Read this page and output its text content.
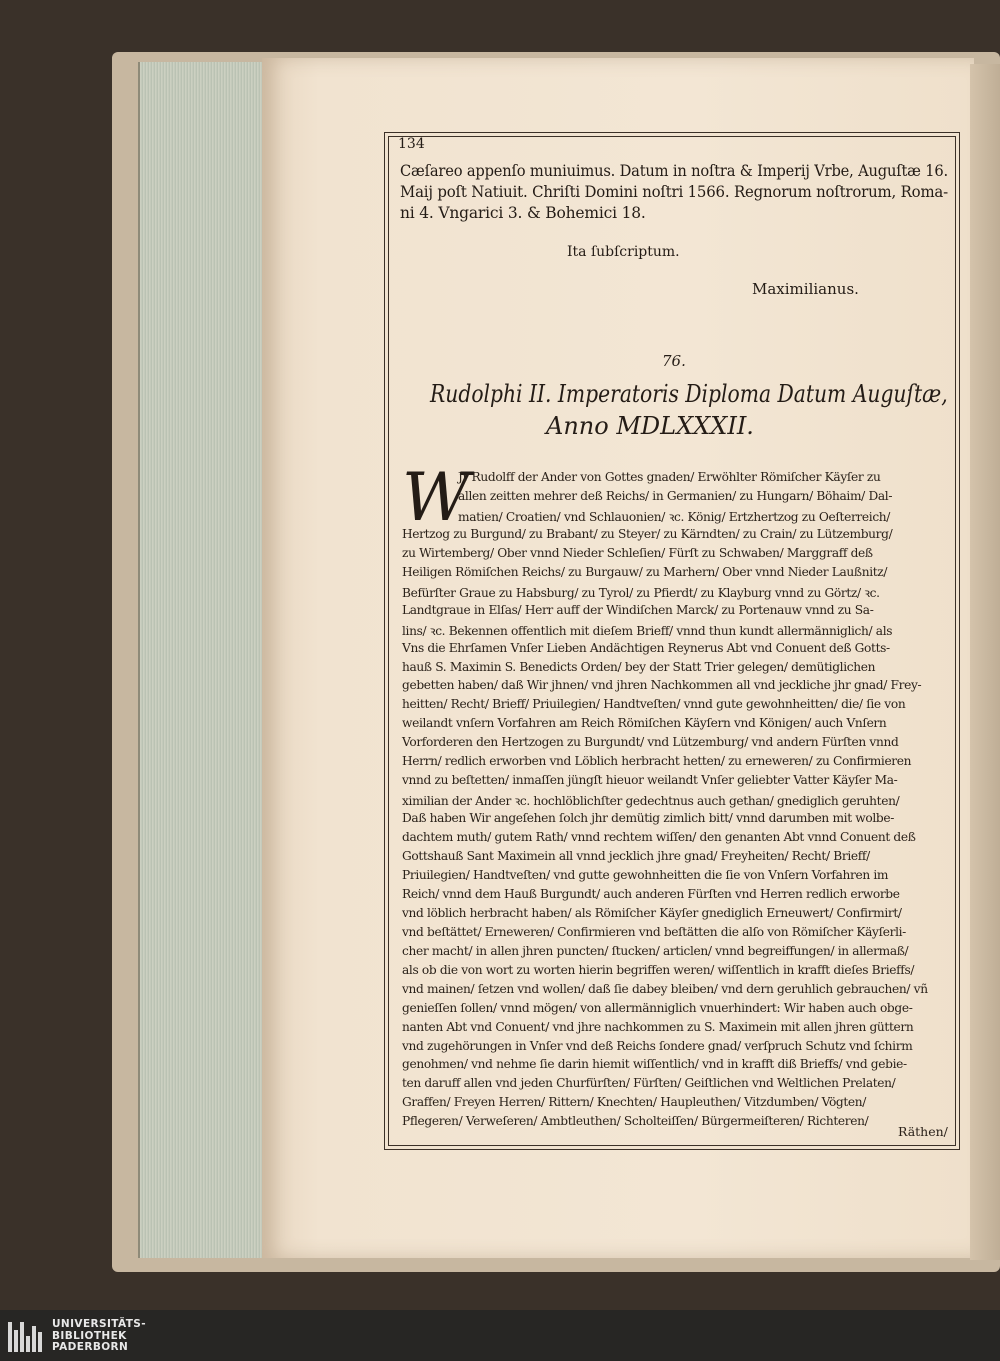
134
Cæſareo appenſo muniuimus. Datum in noſtra & Imperij Vrbe, Auguſtæ 16.
Maij poſt Natiuit. Chriſti Domini noſtri 1566. Regnorum noſtrorum, Roma-
ni 4. Vngarici 3. & Bohemici 18.
Ita ſubſcriptum.
Maximilianus.
76.
Rudolphi II. Imperatoris Diploma Datum Auguſtæ,
Anno MDLXXXII.
W
Jr Rudolff der Ander von Gottes gnaden/ Erwöhlter Römiſcher Käyſer zu
allen zeitten mehrer deß Reichs/ in Germanien/ zu Hungarn/ Böhaim/ Dal-
matien/ Croatien/ vnd Schlauonien/ ꝛc. König/ Ertzhertzog zu Oeſterreich/
Hertzog zu Burgund/ zu Brabant/ zu Steyer/ zu Kärndten/ zu Crain/ zu Lützemburg/
zu Wirtemberg/ Ober vnnd Nieder Schleſien/ Fürſt zu Schwaben/ Marggraff deß
Heiligen Römiſchen Reichs/ zu Burgauw/ zu Marhern/ Ober vnnd Nieder Laußnitz/
Befürſter Graue zu Habsburg/ zu Tyrol/ zu Pfierdt/ zu Klayburg vnnd zu Görtz/ ꝛc.
Landtgraue in Elſas/ Herr auff der Windiſchen Marck/ zu Portenauw vnnd zu Sa-
lins/ ꝛc. Bekennen offentlich mit dieſem Brieff/ vnnd thun kundt allermänniglich/ als
Vns die Ehrſamen Vnſer Lieben Andächtigen Reynerus Abt vnd Conuent deß Gotts-
hauß S. Maximin S. Benedicts Orden/ bey der Statt Trier gelegen/ demütiglichen
gebetten haben/ daß Wir jhnen/ vnd jhren Nachkommen all vnd jeckliche jhr gnad/ Frey-
heitten/ Recht/ Brieff/ Priuilegien/ Handtveſten/ vnnd gute gewohnheitten/ die/ ſie von
weilandt vnſern Vorfahren am Reich Römiſchen Käyſern vnd Königen/ auch Vnſern
Vorforderen den Hertzogen zu Burgundt/ vnd Lützemburg/ vnd andern Fürſten vnnd
Herrn/ redlich erworben vnd Löblich herbracht hetten/ zu erneweren/ zu Confirmieren
vnnd zu beſtetten/ inmaſſen jüngſt hieuor weilandt Vnſer geliebter Vatter Käyſer Ma-
ximilian der Ander ꝛc. hochlöblichſter gedechtnus auch gethan/ gnediglich geruhten/
Daß haben Wir angeſehen ſolch jhr demütig zimlich bitt/ vnnd darumben mit wolbe-
dachtem muth/ gutem Rath/ vnnd rechtem wiſſen/ den genanten Abt vnnd Conuent deß
Gottshauß Sant Maximein all vnnd jecklich jhre gnad/ Freyheiten/ Recht/ Brieff/
Priuilegien/ Handtveſten/ vnd gutte gewohnheitten die ſie von Vnſern Vorfahren im
Reich/ vnnd dem Hauß Burgundt/ auch anderen Fürſten vnd Herren redlich erworbe
vnd löblich herbracht haben/ als Römiſcher Käyſer gnediglich Erneuwert/ Confirmirt/
vnd beſtättet/ Erneweren/ Confirmieren vnd beſtätten die alſo von Römiſcher Käyſerli-
cher macht/ in allen jhren puncten/ ſtucken/ articlen/ vnnd begreiffungen/ in allermaß/
als ob die von wort zu worten hierin begriffen weren/ wiſſentlich in krafft dieſes Brieffs/
vnd mainen/ ſetzen vnd wollen/ daß ſie dabey bleiben/ vnd dern geruhlich gebrauchen/ vñ
genieſſen ſollen/ vnnd mögen/ von allermänniglich vnuerhindert: Wir haben auch obge-
nanten Abt vnd Conuent/ vnd jhre nachkommen zu S. Maximein mit allen jhren güttern
vnd zugehörungen in Vnſer vnd deß Reichs ſondere gnad/ verſpruch Schutz vnd ſchirm
genohmen/ vnd nehme ſie darin hiemit wiſſentlich/ vnd in krafft diß Brieffs/ vnd gebie-
ten daruff allen vnd jeden Churfürſten/ Fürſten/ Geiſtlichen vnd Weltlichen Prelaten/
Graffen/ Freyen Herren/ Rittern/ Knechten/ Haupleuthen/ Vitzdumben/ Vögten/
Pflegeren/ Verweſeren/ Ambtleuthen/ Scholteiſſen/ Bürgermeiſteren/ Richteren/
Räthen/
UNIVERSITÄTS-
BIBLIOTHEK
PADERBORN
